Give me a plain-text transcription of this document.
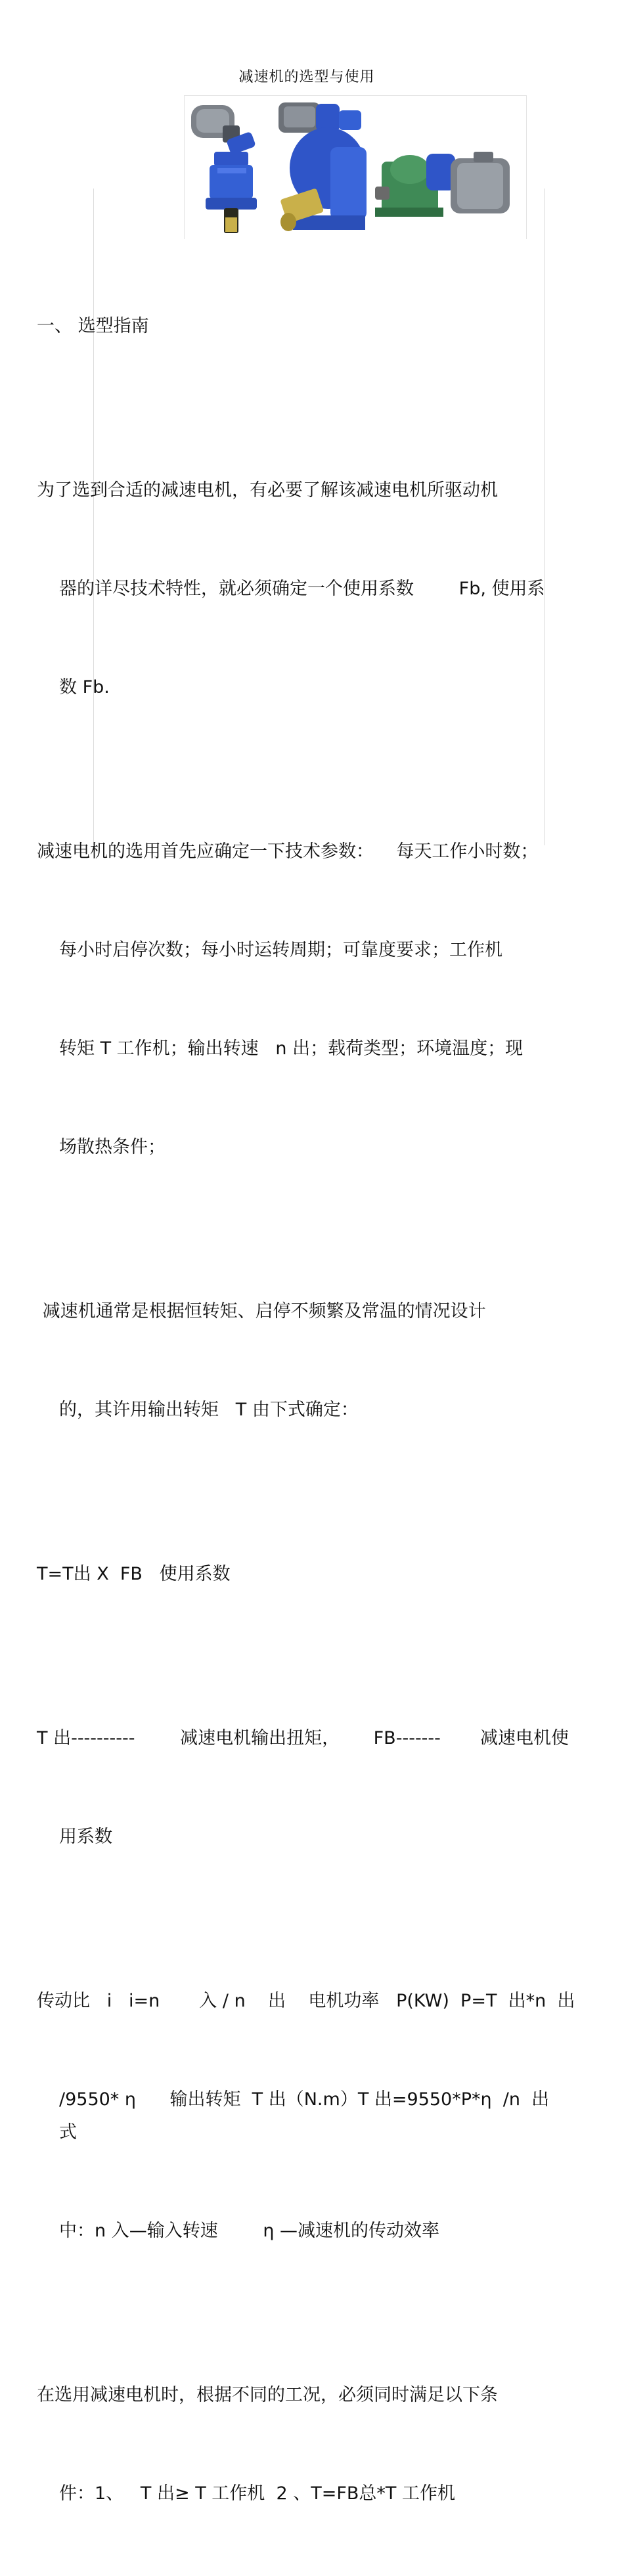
减速机的选型与使用

一、 选型指南

为了选到合适的减速电机，有必要了解该减速电机所驱动机

器的详尽技术特性，就必须确定一个使用系数        Fb, 使用系

数 Fb.

减速电机的选用首先应确定一下技术参数：    每天工作小时数；

每小时启停次数；每小时运转周期；可靠度要求；工作机

转矩 T 工作机；输出转速   n 出；载荷类型；环境温度；现

场散热条件；

减速机通常是根据恒转矩、启停不频繁及常温的情况设计

的，其许用输出转矩   T 由下式确定：

T=T出 X  FB   使用系数

T 出----------        减速电机输出扭矩，      FB-------       减速电机使

用系数

传动比   i   i=n       入 / n    出    电机功率   P(KW)  P=T  出*n  出

/9550* η      输出转矩  T 出（N.m）T 出=9550*P*η  /n  出       式

中：n 入—输入转速        η —减速机的传动效率

在选用减速电机时，根据不同的工况，必须同时满足以下条

件：1、   T 出≥ T 工作机  2 、T=FB总*T 工作机
